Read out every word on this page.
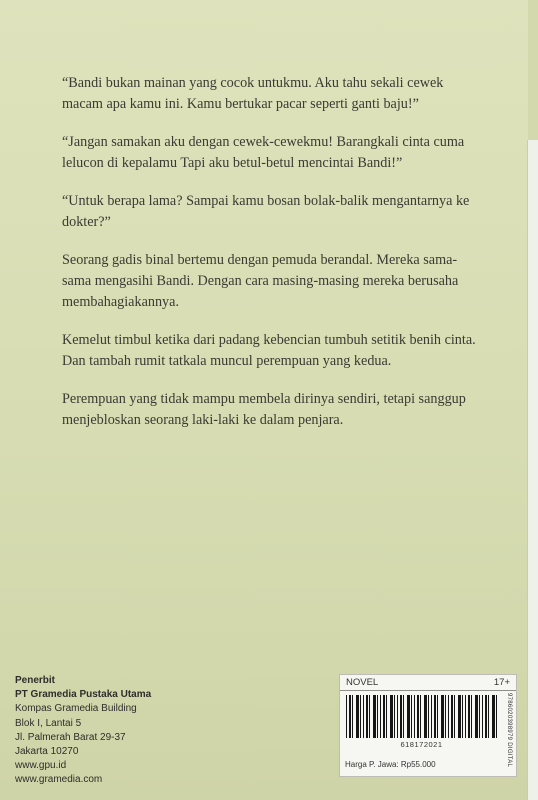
“Bandi bukan mainan yang cocok untukmu. Aku tahu sekali cewek macam apa kamu ini. Kamu bertukar pacar seperti ganti baju!”

“Jangan samakan aku dengan cewek-cewekmu! Barangkali cinta cuma lelucon di kepalamu Tapi aku betul-betul mencintai Bandi!”

“Untuk berapa lama? Sampai kamu bosan bolak-balik mengantarnya ke dokter?”

Seorang gadis binal bertemu dengan pemuda berandal. Mereka sama-sama mengasihi Bandi. Dengan cara masing-masing mereka berusaha membahagiakannya.

Kemelut timbul ketika dari padang kebencian tumbuh setitik benih cinta. Dan tambah rumit tatkala muncul perempuan yang kedua.

Perempuan yang tidak mampu membela dirinya sendiri, tetapi sanggup menjebloskan seorang laki-laki ke dalam penjara.

Penerbit
PT Gramedia Pustaka Utama
Kompas Gramedia Building
Blok I, Lantai 5
Jl. Palmerah Barat 29-37
Jakarta 10270
www.gpu.id
www.gramedia.com
NOVEL	17+
618172021	9786020398979 DIGITAL
Harga P. Jawa: Rp55.000
